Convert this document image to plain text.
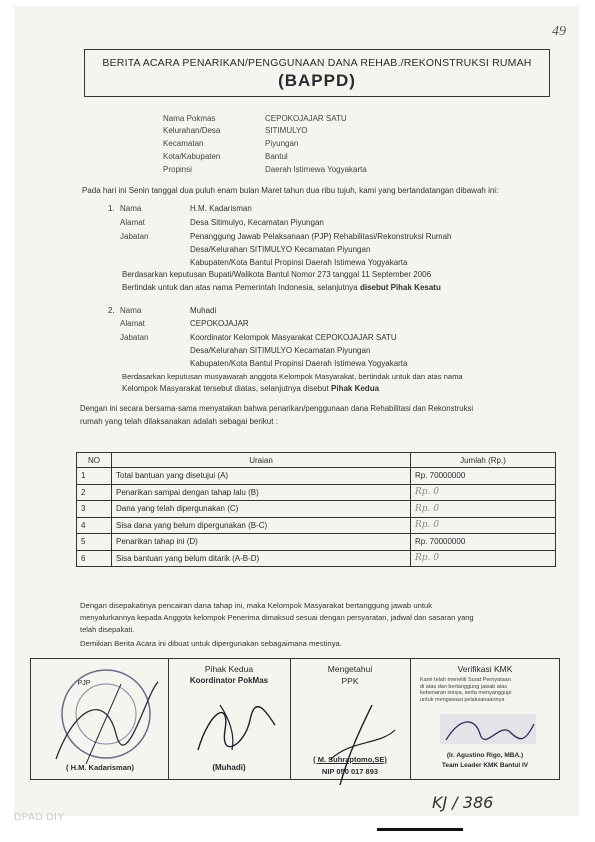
49
BERITA ACARA PENARIKAN/PENGGUNAAN DANA REHAB./REKONSTRUKSI RUMAH
(BAPPD)
Nama Pokmas	CEPOKOJAJAR SATU
Kelurahan/Desa	SITIMULYO
Kecamatan	Piyungan
Kota/Kabupaten	Bantul
Propinsi	Daerah Istimewa Yogyakarta
Pada hari ini Senin tanggal dua puluh enam bulan Maret tahun dua ribu tujuh, kami yang bertandatangan dibawah ini:
1. Nama	H.M. Kadarisman
Alamat	Desa Sitimulyo, Kecamatan Piyungan
Jabatan	Penanggung Jawab Pelaksanaan (PJP) Rehabilitasi/Rekonstruksi Rumah
Desa/Kelurahan SITIMULYO Kecamatan Piyungan
Kabupaten/Kota Bantul Propinsi Daerah Istimewa Yogyakarta
Berdasarkan keputusan Bupati/Walikota Bantul Nomor 273 tanggal 11 September 2006
Bertindak untuk dan atas nama Pemerintah Indonesia, selanjutnya disebut Pihak Kesatu
2. Nama	Muhadi
Alamat	CEPOKOJAJAR
Jabatan	Koordinator Kelompok Masyarakat CEPOKOJAJAR SATU
Desa/Kelurahan SITIMULYO Kecamatan Piyungan
Kabupaten/Kota Bantul Propinsi Daerah Istimewa Yogyakarta
Berdasarkan keputusan musyawarah anggota Kelompok Masyarakat, bertindak untuk dan atas nama
Kelompok Masyarakat tersebut diatas, selanjutnya disebut Pihak Kedua
Dengan ini secara bersama-sama menyatakan bahwa penarikan/penggunaan dana Rehabilitasi dan Rekonstruksi
rumah yang telah dilaksanakan adalah sebagai berikut :
NO	Uraian	Jumlah (Rp.)
1	Total bantuan yang disetujui (A)	Rp. 70000000
2	Penarikan sampai dengan tahap lalu (B)	Rp. 0
3	Dana yang telah dipergunakan (C)	Rp. 0
4	Sisa dana yang belum dipergunakan (B-C)	Rp. 0
5	Penarikan tahap ini (D)	Rp. 70000000
6	Sisa bantuan yang belum ditarik (A-B-D)	Rp. 0
Dengan disepakatinya pencairan dana tahap ini, maka Kelompok Masyarakat bertanggung jawab untuk
menyalurkannya kepada Anggota kelompok Penerima dimaksud sesuai dengan persyaratan, jadwal dan sasaran yang
telah disepakati.
Demikian Berita Acara ini dibuat untuk dipergunakan sebagaimana mestinya.
PJP
( H.M. Kadarisman)
Pihak Kedua
Koordinator PokMas
(Muhadi)
Mengetahui
PPK
( M. Suhraptomo,SE)
NIP 050 017 893
Verifikasi KMK
Kami telah meneliti Surat Pernyataan
di atas dan bertanggung jawab atas
kebenaran isinya, serta menyanggupi
untuk mengawasi pelaksanaannya
(Ir. Agustino Rigo, MBA.)
Team Leader KMK Bantul IV
KJ / 386
DPAD DIY
